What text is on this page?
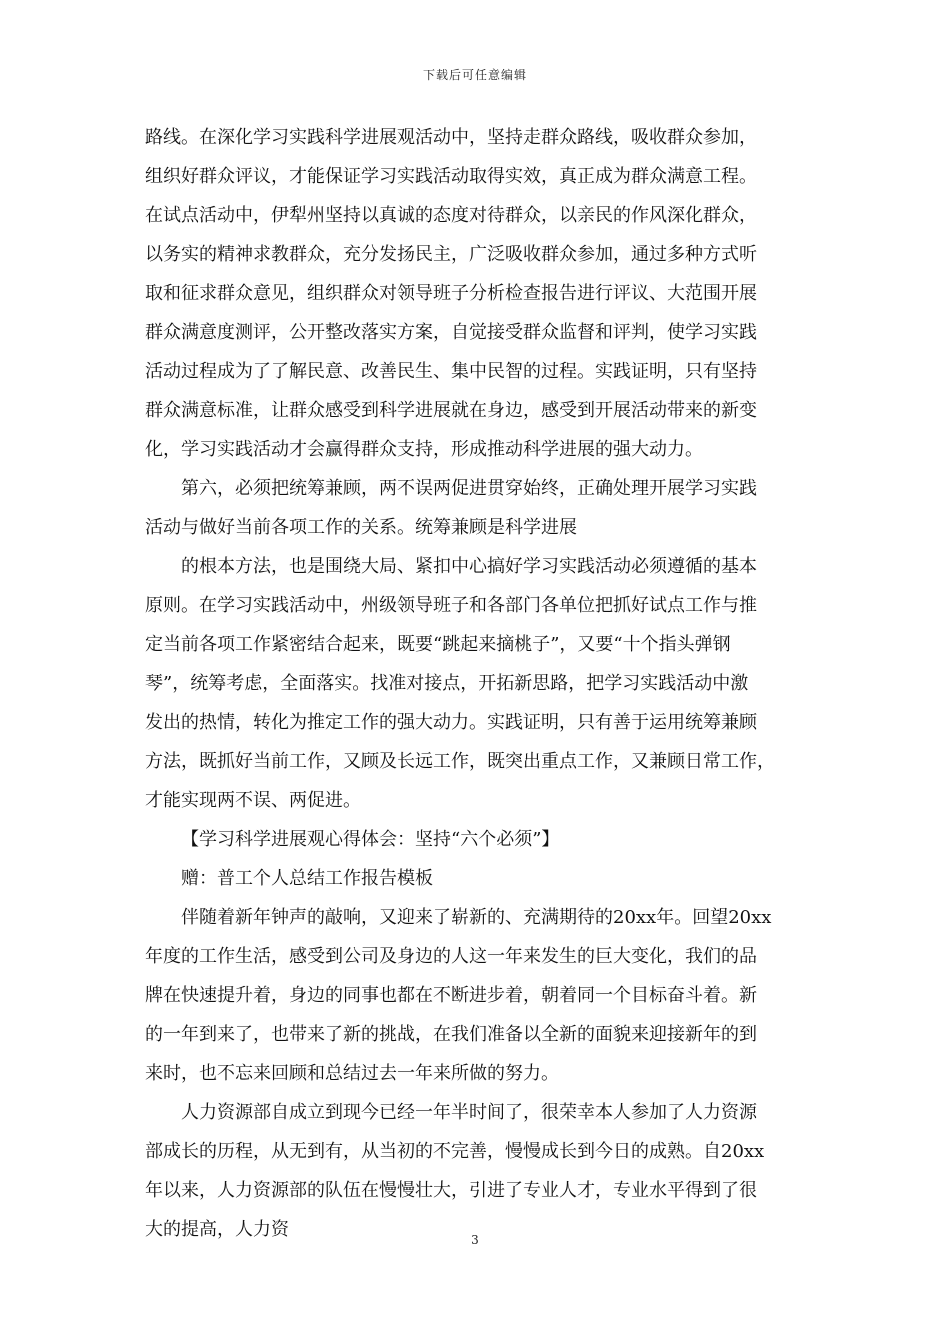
下载后可任意编辑
路线。在深化学习实践科学进展观活动中，坚持走群众路线，吸收群众参加，
组织好群众评议，才能保证学习实践活动取得实效，真正成为群众满意工程。
在试点活动中，伊犁州坚持以真诚的态度对待群众，以亲民的作风深化群众，
以务实的精神求教群众，充分发扬民主，广泛吸收群众参加，通过多种方式听
取和征求群众意见，组织群众对领导班子分析检查报告进行评议、大范围开展
群众满意度测评，公开整改落实方案，自觉接受群众监督和评判，使学习实践
活动过程成为了了解民意、改善民生、集中民智的过程。实践证明，只有坚持
群众满意标准，让群众感受到科学进展就在身边，感受到开展活动带来的新变
化，学习实践活动才会赢得群众支持，形成推动科学进展的强大动力。
第六，必须把统筹兼顾，两不误两促进贯穿始终，正确处理开展学习实践
活动与做好当前各项工作的关系。统筹兼顾是科学进展
的根本方法，也是围绕大局、紧扣中心搞好学习实践活动必须遵循的基本
原则。在学习实践活动中，州级领导班子和各部门各单位把抓好试点工作与推
定当前各项工作紧密结合起来，既要“跳起来摘桃子”，又要“十个指头弹钢
琴”，统筹考虑，全面落实。找准对接点，开拓新思路，把学习实践活动中激
发出的热情，转化为推定工作的强大动力。实践证明，只有善于运用统筹兼顾
方法，既抓好当前工作，又顾及长远工作，既突出重点工作，又兼顾日常工作，
才能实现两不误、两促进。
【学习科学进展观心得体会：坚持“六个必须”】
赠：普工个人总结工作报告模板
伴随着新年钟声的敲响，又迎来了崭新的、充满期待的20xx年。回望20xx
年度的工作生活，感受到公司及身边的人这一年来发生的巨大变化，我们的品
牌在快速提升着，身边的同事也都在不断进步着，朝着同一个目标奋斗着。新
的一年到来了，也带来了新的挑战，在我们准备以全新的面貌来迎接新年的到
来时，也不忘来回顾和总结过去一年来所做的努力。
人力资源部自成立到现今已经一年半时间了，很荣幸本人参加了人力资源
部成长的历程，从无到有，从当初的不完善，慢慢成长到今日的成熟。自20xx
年以来，人力资源部的队伍在慢慢壮大，引进了专业人才，专业水平得到了很
大的提高，人力资	3
